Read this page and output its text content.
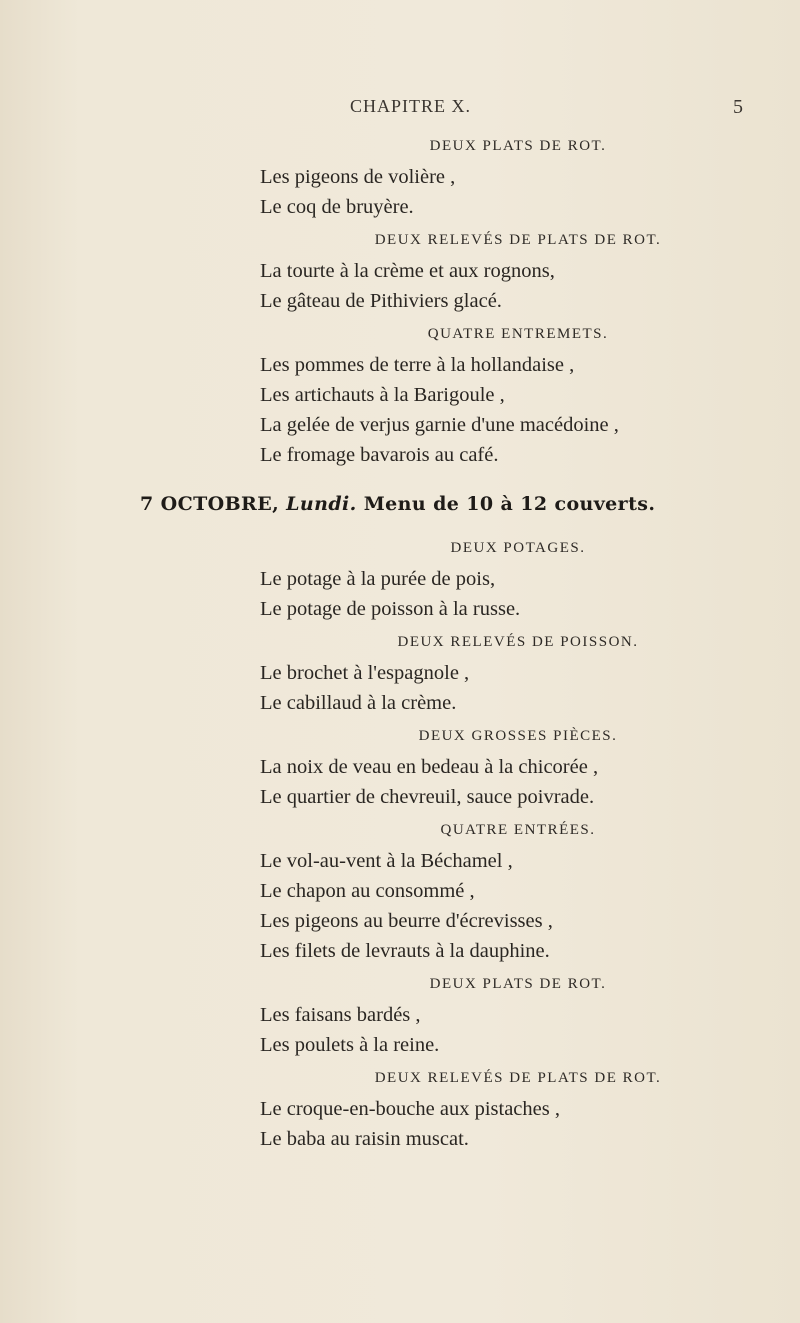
CHAPITRE X.	5

DEUX PLATS DE ROT.

Les pigeons de volière ,

Le coq de bruyère.

DEUX RELEVÉS DE PLATS DE ROT.

La tourte à la crème et aux rognons,

Le gâteau de Pithiviers glacé.

QUATRE ENTREMETS.

Les pommes de terre à la hollandaise ,

Les artichauts à la Barigoule ,

La gelée de verjus garnie d'une macédoine ,

Le fromage bavarois au café.

7 OCTOBRE, Lundi. Menu de 10 à 12 couverts.

DEUX POTAGES.

Le potage à la purée de pois,

Le potage de poisson à la russe.

DEUX RELEVÉS DE POISSON.

Le brochet à l'espagnole ,

Le cabillaud à la crème.

DEUX GROSSES PIÈCES.

La noix de veau en bedeau à la chicorée ,

Le quartier de chevreuil, sauce poivrade.

QUATRE ENTRÉES.

Le vol-au-vent à la Béchamel ,

Le chapon au consommé ,

Les pigeons au beurre d'écrevisses ,

Les filets de levrauts à la dauphine.

DEUX PLATS DE ROT.

Les faisans bardés ,

Les poulets à la reine.

DEUX RELEVÉS DE PLATS DE ROT.

Le croque-en-bouche aux pistaches ,

Le baba au raisin muscat.
